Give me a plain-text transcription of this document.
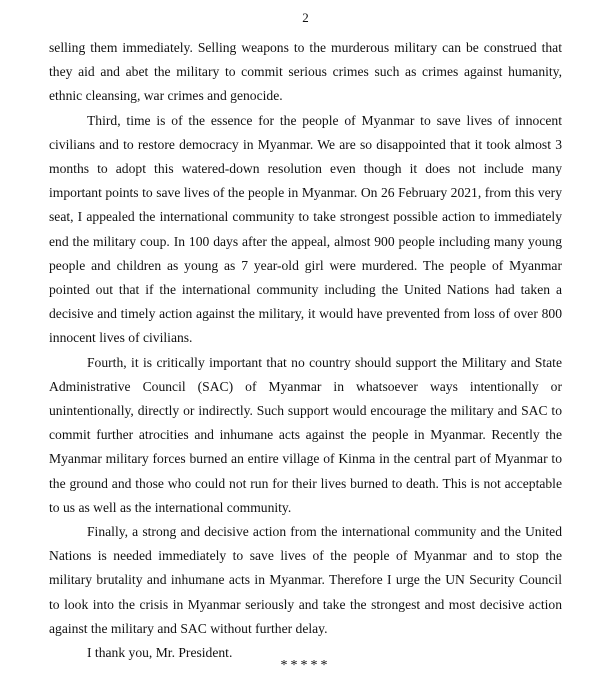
2

selling them immediately. Selling weapons to the murderous military can be construed that they aid and abet the military to commit serious crimes such as crimes against humanity, ethnic cleansing, war crimes and genocide.

Third, time is of the essence for the people of Myanmar to save lives of innocent civilians and to restore democracy in Myanmar. We are so disappointed that it took almost 3 months to adopt this watered-down resolution even though it does not include many important points to save lives of the people in Myanmar. On 26 February 2021, from this very seat, I appealed the international community to take strongest possible action to immediately end the military coup. In 100 days after the appeal, almost 900 people including many young people and children as young as 7 year-old girl were murdered. The people of Myanmar pointed out that if the international community including the United Nations had taken a decisive and timely action against the military, it would have prevented from loss of over 800 innocent lives of civilians.

Fourth, it is critically important that no country should support the Military and State Administrative Council (SAC) of Myanmar in whatsoever ways intentionally or unintentionally, directly or indirectly. Such support would encourage the military and SAC to commit further atrocities and inhumane acts against the people in Myanmar. Recently the Myanmar military forces burned an entire village of Kinma in the central part of Myanmar to the ground and those who could not run for their lives burned to death. This is not acceptable to us as well as the international community.

Finally, a strong and decisive action from the international community and the United Nations is needed immediately to save lives of the people of Myanmar and to stop the military brutality and inhumane acts in Myanmar. Therefore I urge the UN Security Council to look into the crisis in Myanmar seriously and take the strongest and most decisive action against the military and SAC without further delay.

I thank you, Mr. President.

*****
